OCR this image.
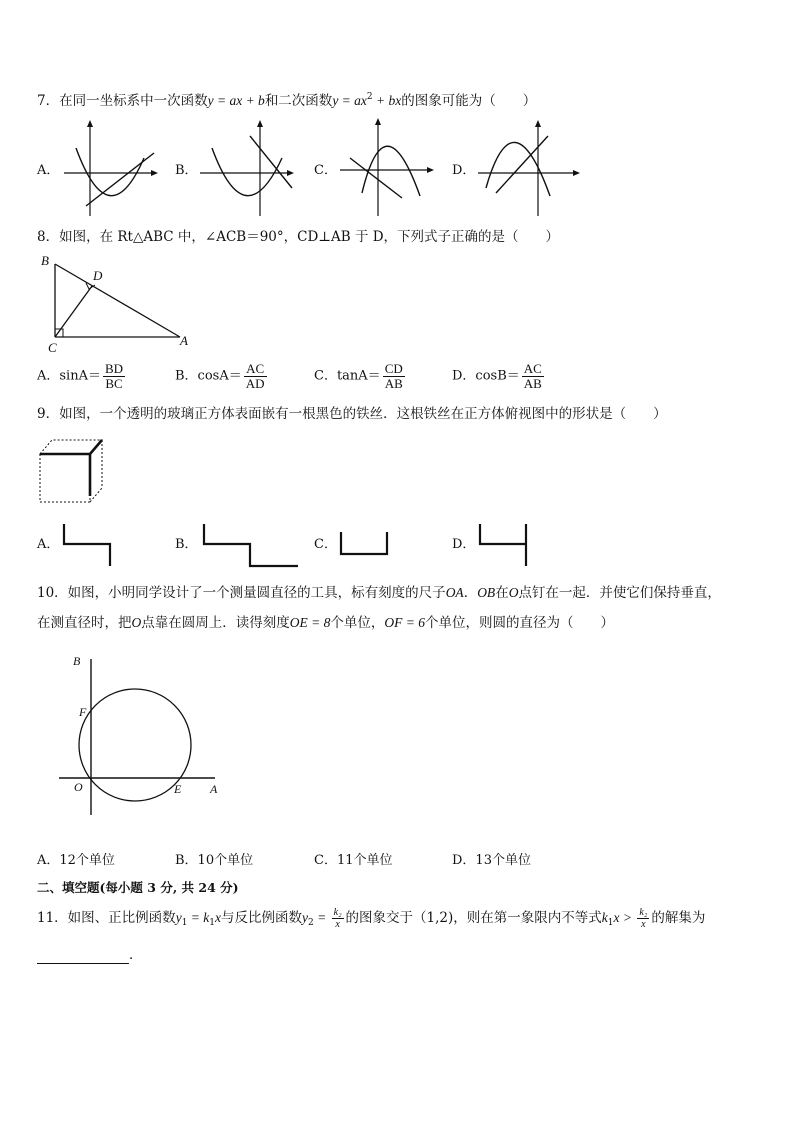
7．在同一坐标系中一次函数y = ax + b和二次函数$y = ax^2$ + bx的图象可能为（　　）
A．	B．	C．	D．
8．如图，在 Rt△ABC 中，∠ACB＝90°，CD⊥AB 于 D，下列式子正确的是（　　）
B
D
C	A
A．$\sin A= \frac{BD}{BC}$	B．$\cos A= \frac{AC}{AD}$	C．$\tan A= \frac{CD}{AB}$	D．$\cos B= \frac{AC}{AB}$
9．如图，一个透明的玻璃正方体表面嵌有一根黑色的铁丝．这根铁丝在正方体俯视图中的形状是（　　）
A．	B．	C．	D．
10．如图，小明同学设计了一个测量圆直径的工具，标有刻度的尺子OA．OB在O点钉在一起．并使它们保持垂直，
在测直径时，把O点靠在圆周上．读得刻度OE = 8个单位，OF = 6个单位，则圆的直径为（　　）
B
F
O	E A
A．12个单位	B．10个单位	C．11个单位	D．13个单位
二、填空题(每小题 3 分, 共 24 分)
11．如图、正比例函数$y_1 = k_1x$与反比例函数$y_2 = \frac{\text{k₂}}{x}$ 的图象交于（1,2)，则在第一象限内不等式$k_1x > \frac{\text{k₂}}{x}$ 的解集为
．
